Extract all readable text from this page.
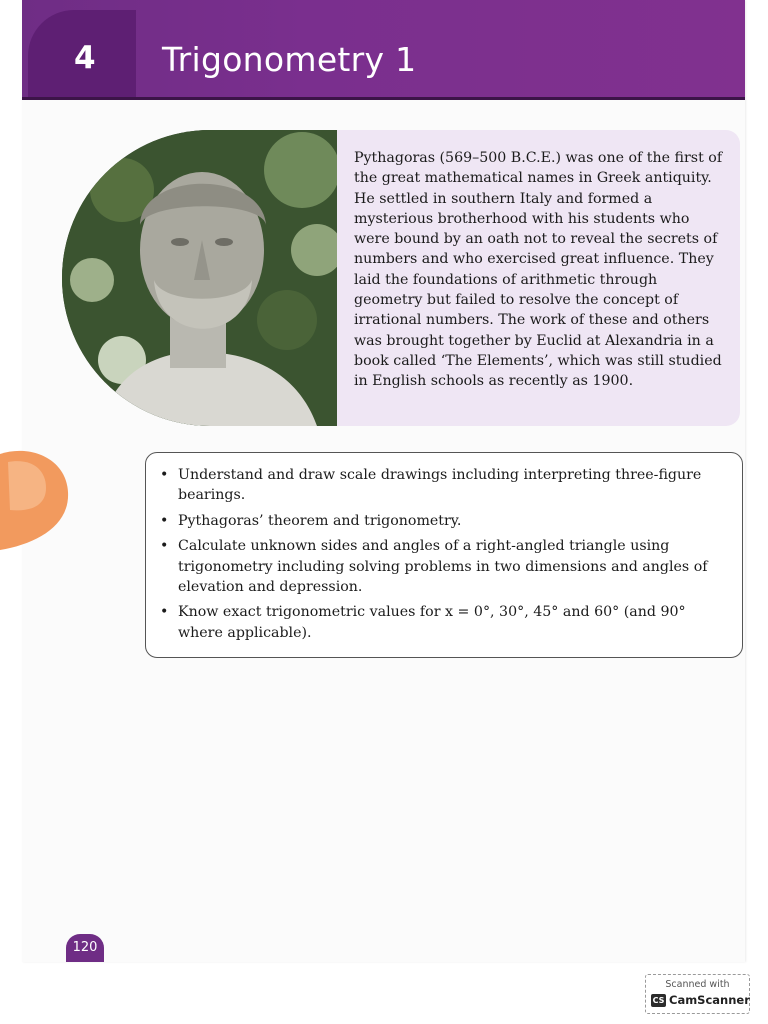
4 Trigonometry 1

Pythagoras (569–500 B.C.E.) was one of the first of the great mathematical names in Greek antiquity. He settled in southern Italy and formed a mysterious brotherhood with his students who were bound by an oath not to reveal the secrets of numbers and who exercised great influence. They laid the foundations of arithmetic through geometry but failed to resolve the concept of irrational numbers. The work of these and others was brought together by Euclid at Alexandria in a book called ‘The Elements’, which was still studied in English schools as recently as 1900.

• Understand and draw scale drawings including interpreting three-figure bearings.
• Pythagoras’ theorem and trigonometry.
• Calculate unknown sides and angles of a right-angled triangle using trigonometry including solving problems in two dimensions and angles of elevation and depression.
• Know exact trigonometric values for x = 0°, 30°, 45° and 60° (and 90° where applicable).
120
Scanned with
CS CamScanner
